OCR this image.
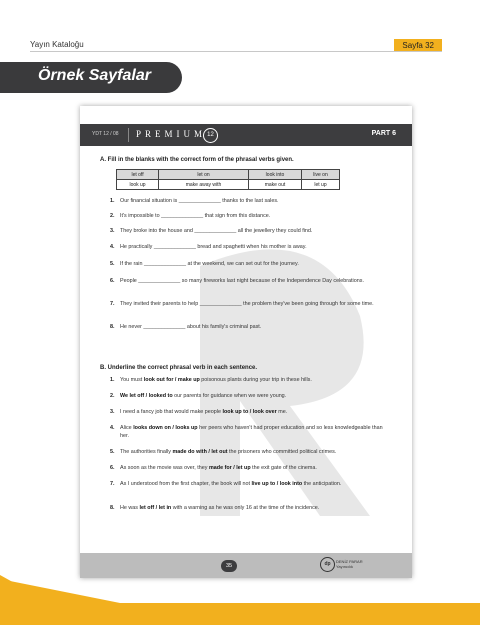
Yayın Kataloğu	Sayfa 32
Örnek Sayfalar
YDT 12 / 08 PREMIUM 12	PART 6
A. Fill in the blanks with the correct form of the phrasal verbs given.
let off	let on	look into	live on
look up	make away with	make out	let up
1. Our financial situation is ______________ thanks to the last sales.
2. It's impossible to ______________ that sign from this distance.
3. They broke into the house and ______________ all the jewellery they could find.
4. He practically ______________ bread and spaghetti when his mother is away.
5. If the rain ______________ at the weekend, we can set out for the journey.
6. People ______________ so many fireworks last night because of the Independence Day celebrations.
7. They invited their parents to help ______________ the problem they've been going through for some time.
8. He never ______________ about his family's criminal past.
B. Underline the correct phrasal verb in each sentence.
1. You must look out for / make up poisonous plants during your trip in these hills.
2. We let off / looked to our parents for guidance when we were young.
3. I need a fancy job that would make people look up to / look over me.
4. Alice looks down on / looks up her peers who haven't had proper education and so less knowledgeable than her.
5. The authorities finally made do with / let out the prisoners who committed political crimes.
6. As soon as the movie was over, they made for / let up the exit gate of the cinema.
7. As I understood from the first chapter, the book will not live up to / look into the anticipation.
8. He was let off / let in with a warning as he was only 16 at the time of the incidence.
35	dp	DENİZ PARAR
Yayıncılık
